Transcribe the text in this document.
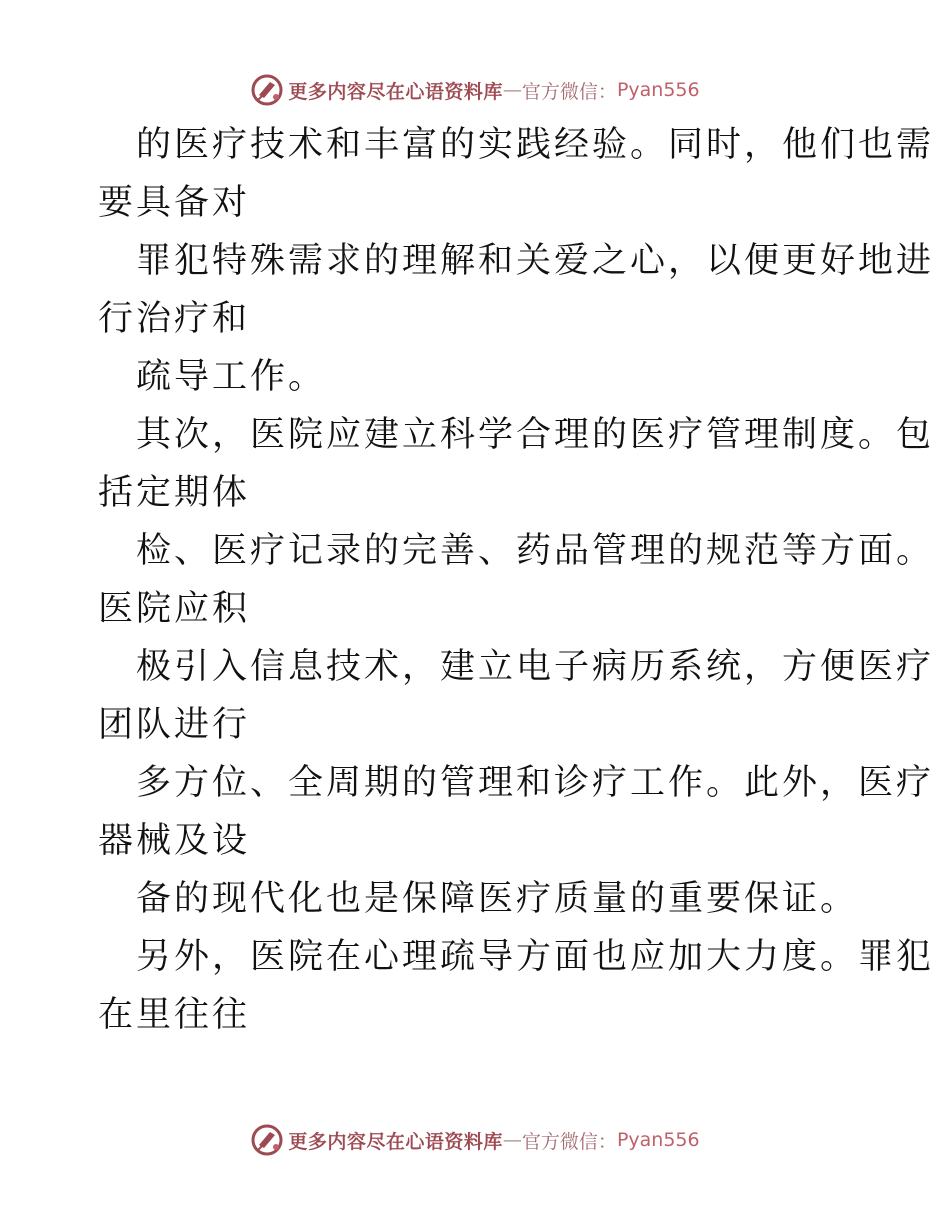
更多内容尽在心语资料库 — 官方微信： Pyan556
的医疗技术和丰富的实践经验。同时，他们也需
要具备对
罪犯特殊需求的理解和关爱之心，以便更好地进
行治疗和
疏导工作。
其次，医院应建立科学合理的医疗管理制度。包
括定期体
检、医疗记录的完善、药品管理的规范等方面。
医院应积
极引入信息技术，建立电子病历系统，方便医疗
团队进行
多方位、全周期的管理和诊疗工作。此外，医疗
器械及设
备的现代化也是保障医疗质量的重要保证。
另外，医院在心理疏导方面也应加大力度。罪犯
在里往往
更多内容尽在心语资料库 — 官方微信： Pyan556
